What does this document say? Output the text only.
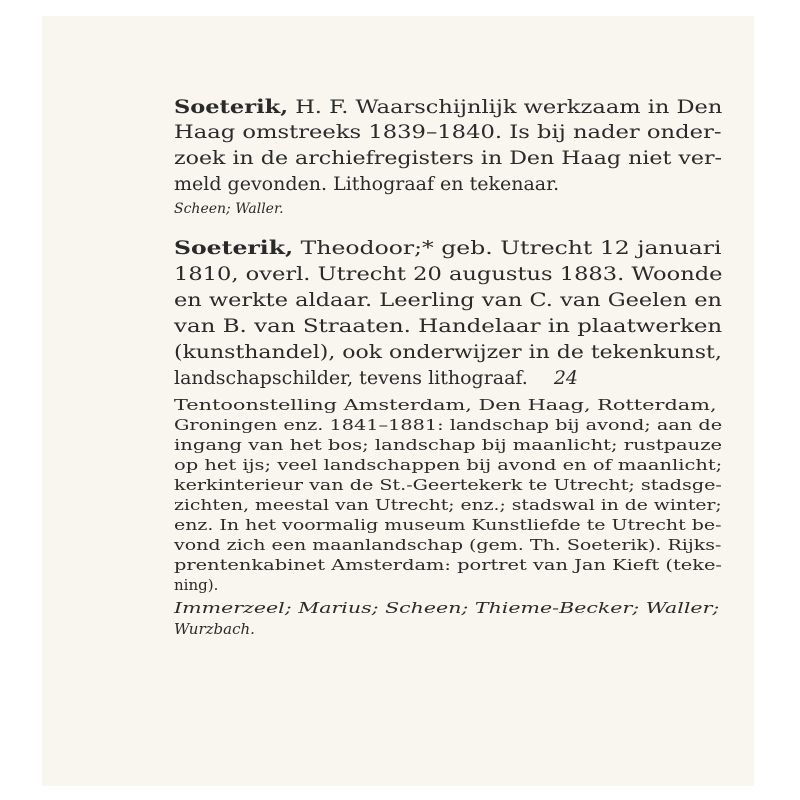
Soeterik, H. F. Waarschijnlijk werkzaam in Den

Haag omstreeks 1839–1840. Is bij nader onder-

zoek in de archiefregisters in Den Haag niet ver-

meld gevonden. Lithograaf en tekenaar.

Scheen; Waller.

Soeterik, Theodoor;* geb. Utrecht 12 januari

1810, overl. Utrecht 20 augustus 1883. Woonde

en werkte aldaar. Leerling van C. van Geelen en

van B. van Straaten. Handelaar in plaatwerken

(kunsthandel), ook onderwijzer in de tekenkunst,

landschapschilder, tevens lithograaf. 24

Tentoonstelling Amsterdam, Den Haag, Rotterdam,

Groningen enz. 1841–1881: landschap bij avond; aan de

ingang van het bos; landschap bij maanlicht; rustpauze

op het ijs; veel landschappen bij avond en of maanlicht;

kerkinterieur van de St.-Geertekerk te Utrecht; stadsge-

zichten, meestal van Utrecht; enz.; stadswal in de winter;

enz. In het voormalig museum Kunstliefde te Utrecht be-

vond zich een maanlandschap (gem. Th. Soeterik). Rijks-

prentenkabinet Amsterdam: portret van Jan Kieft (teke-

ning).

Immerzeel; Marius; Scheen; Thieme-Becker; Waller;

Wurzbach.
